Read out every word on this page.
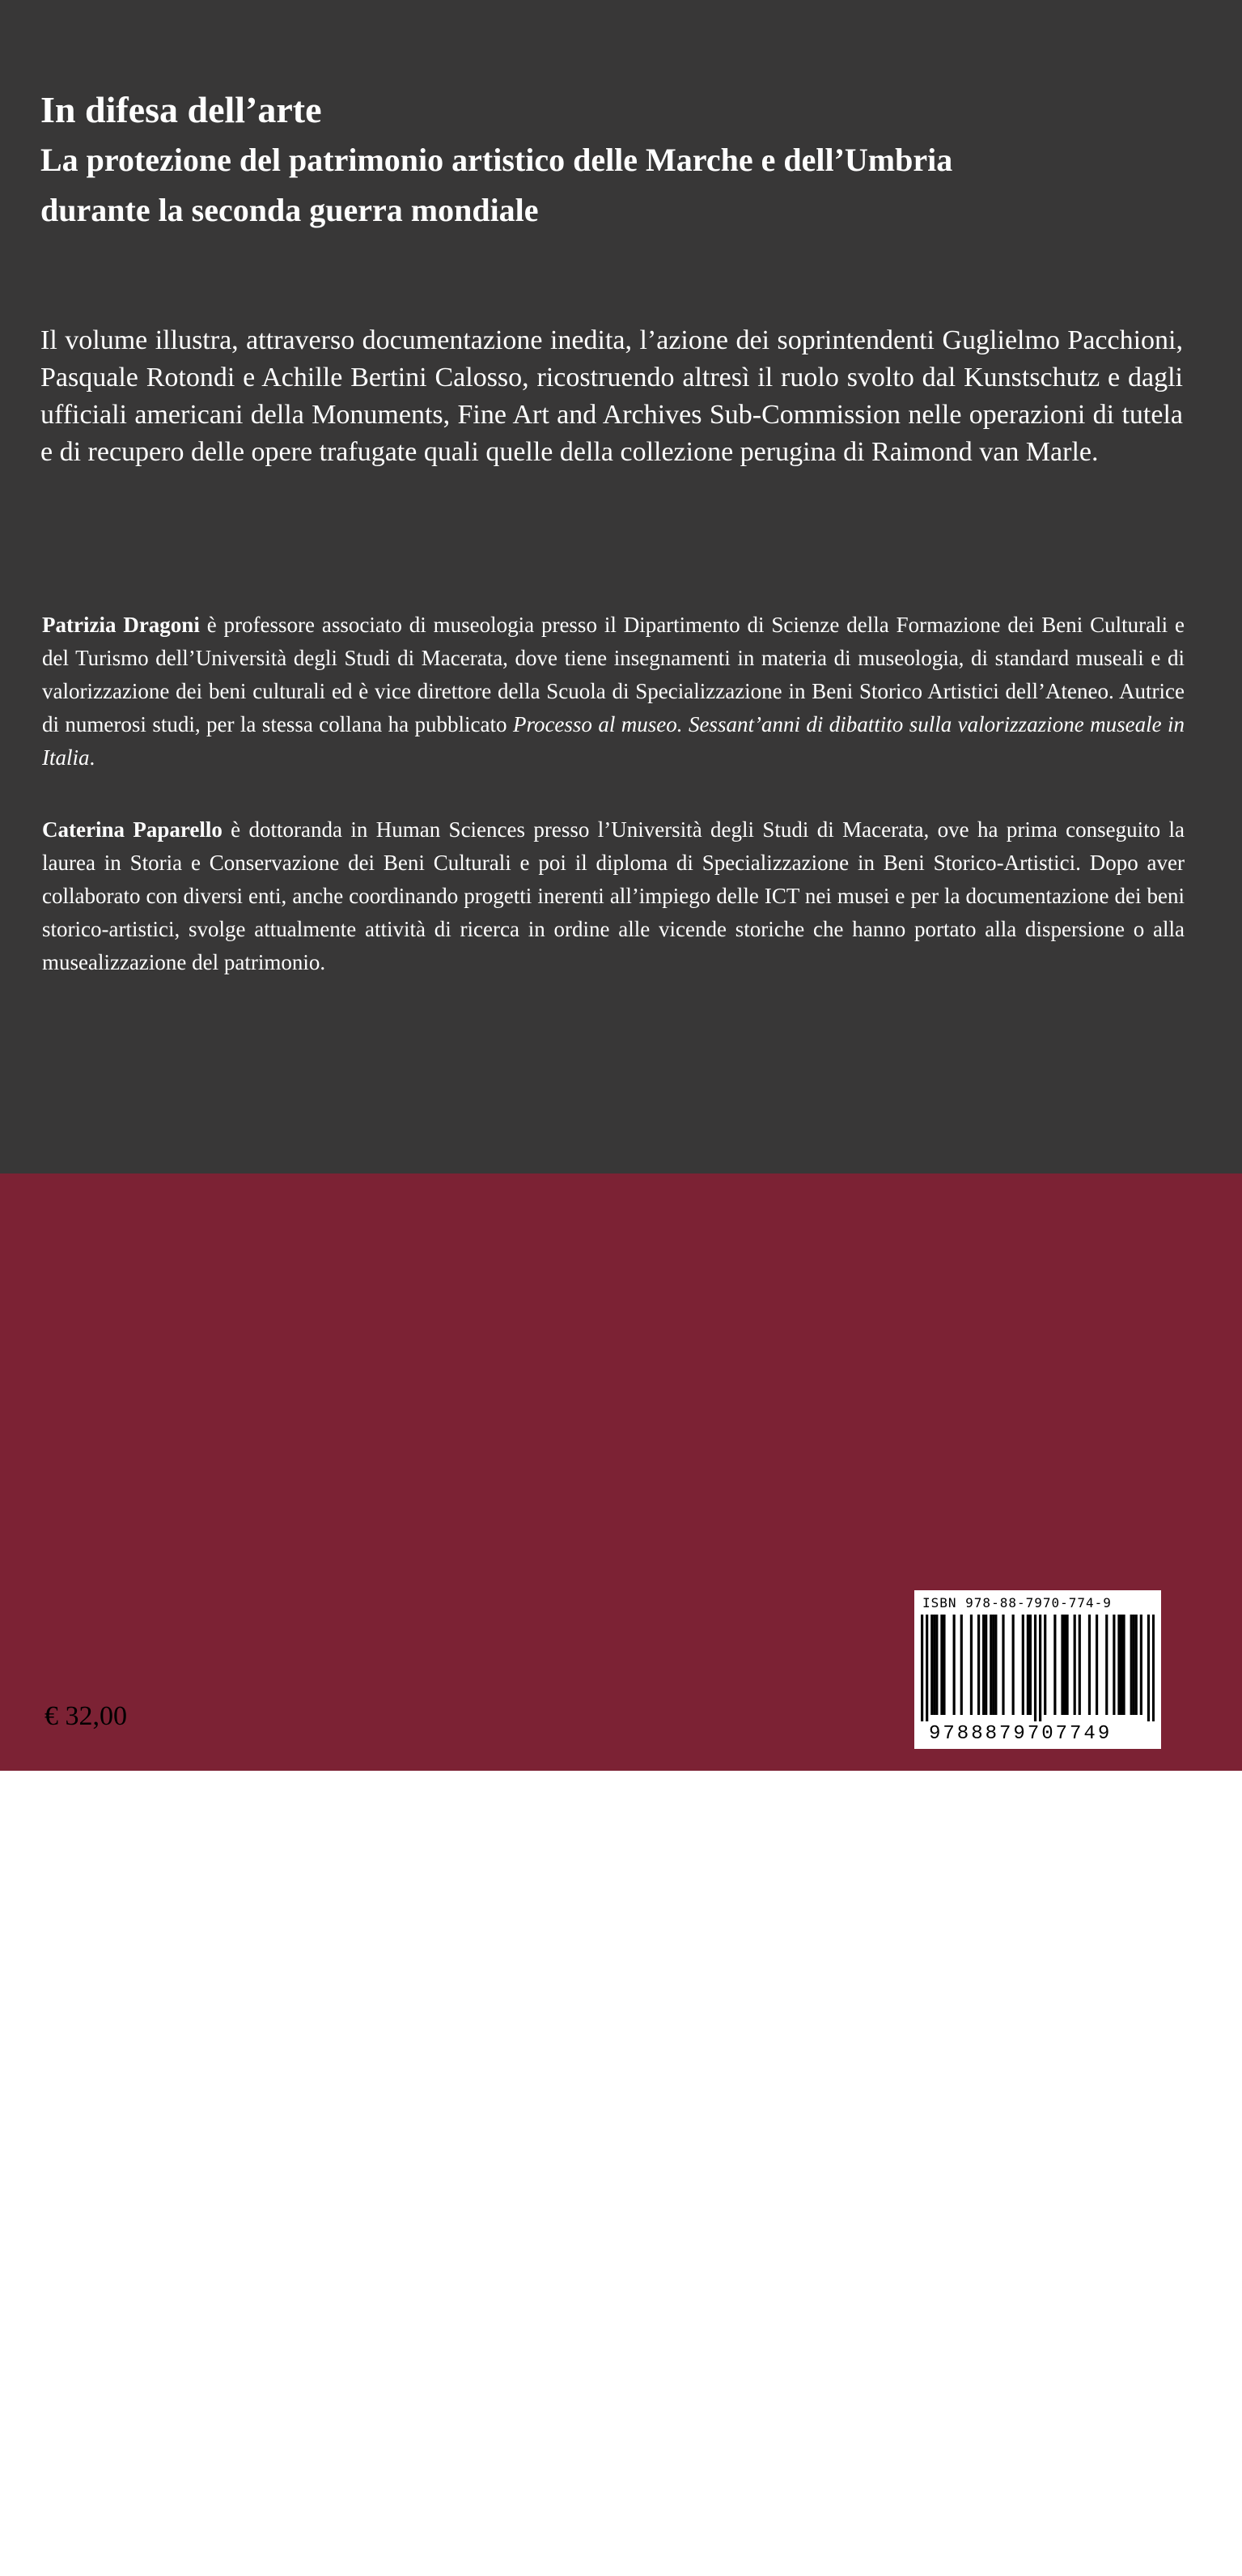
In difesa dell’arte

La protezione del patrimonio artistico delle Marche e dell’Umbria

durante la seconda guerra mondiale

Il volume illustra, attraverso documentazione inedita, l’azione dei soprintendenti Guglielmo Pacchioni, Pasquale Rotondi e Achille Bertini Calosso, ricostruendo altresì il ruolo svolto dal Kunstschutz e dagli ufficiali americani della Monuments, Fine Art and Archives Sub-Commission nelle operazioni di tutela e di recupero delle opere trafugate quali quelle della collezione perugina di Raimond van Marle.

Patrizia Dragoni è professore associato di museologia presso il Dipartimento di Scienze della Formazione dei Beni Culturali e del Turismo dell’Università degli Studi di Macerata, dove tiene insegnamenti in materia di museologia, di standard museali e di valorizzazione dei beni culturali ed è vice direttore della Scuola di Specializzazione in Beni Storico Artistici dell’Ateneo. Autrice di numerosi studi, per la stessa collana ha pubblicato Processo al museo. Sessant’anni di dibattito sulla valorizzazione museale in Italia.

Caterina Paparello è dottoranda in Human Sciences presso l’Università degli Studi di Macerata, ove ha prima conseguito la laurea in Storia e Conservazione dei Beni Culturali e poi il diploma di Specializzazione in Beni Storico-Artistici. Dopo aver collaborato con diversi enti, anche coordinando progetti inerenti all’impiego delle ICT nei musei e per la documentazione dei beni storico-artistici, svolge attualmente attività di ricerca in ordine alle vicende storiche che hanno portato alla dispersione o alla musealizzazione del patrimonio.

Le Voci del Museo

Collana di Museologia
e Museografia

La Collana si propone di offrire strumenti di conoscenza e di confronto tra le discipline che governano il museo. L’intento è quello di fornire un punto d’incontro per le ricerche di carattere storico teorico come per esperienze progettuali ed operative in un paese che dal Rinascimento ha offerto i presupposti per la nascita del museo moderno.

ISBN 978-88-7970-774-9
9788879707749

€ 32,00
